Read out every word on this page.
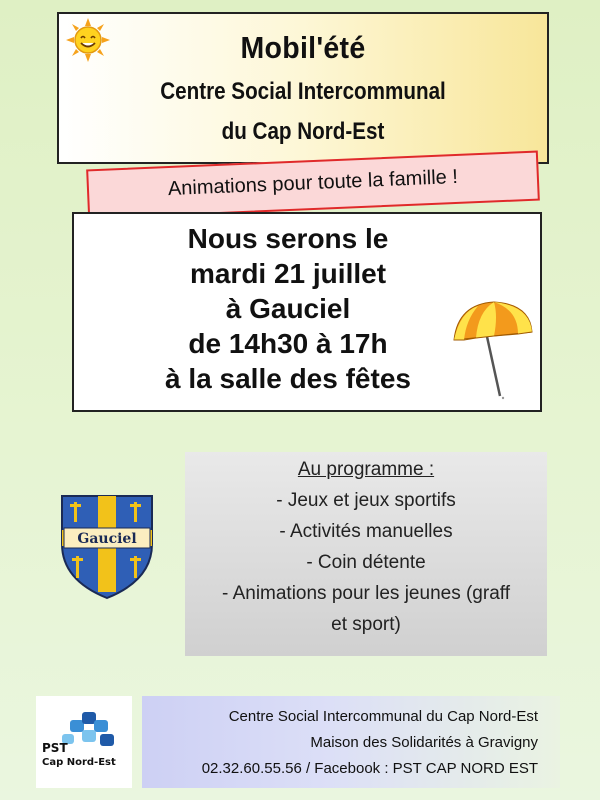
Mobil'été
Centre Social Intercommunal
du Cap Nord-Est
Animations pour toute la famille !
Nous serons le
mardi 21 juillet
à Gauciel
de 14h30 à 17h
à la salle des fêtes
Au programme :
- Jeux et jeux sportifs
- Activités manuelles
- Coin détente
- Animations pour les jeunes (graff
et sport)
Gauciel
PST
Cap Nord-Est
Centre Social Intercommunal du Cap Nord-Est
Maison des Solidarités à Gravigny
02.32.60.55.56 / Facebook : PST CAP NORD EST
